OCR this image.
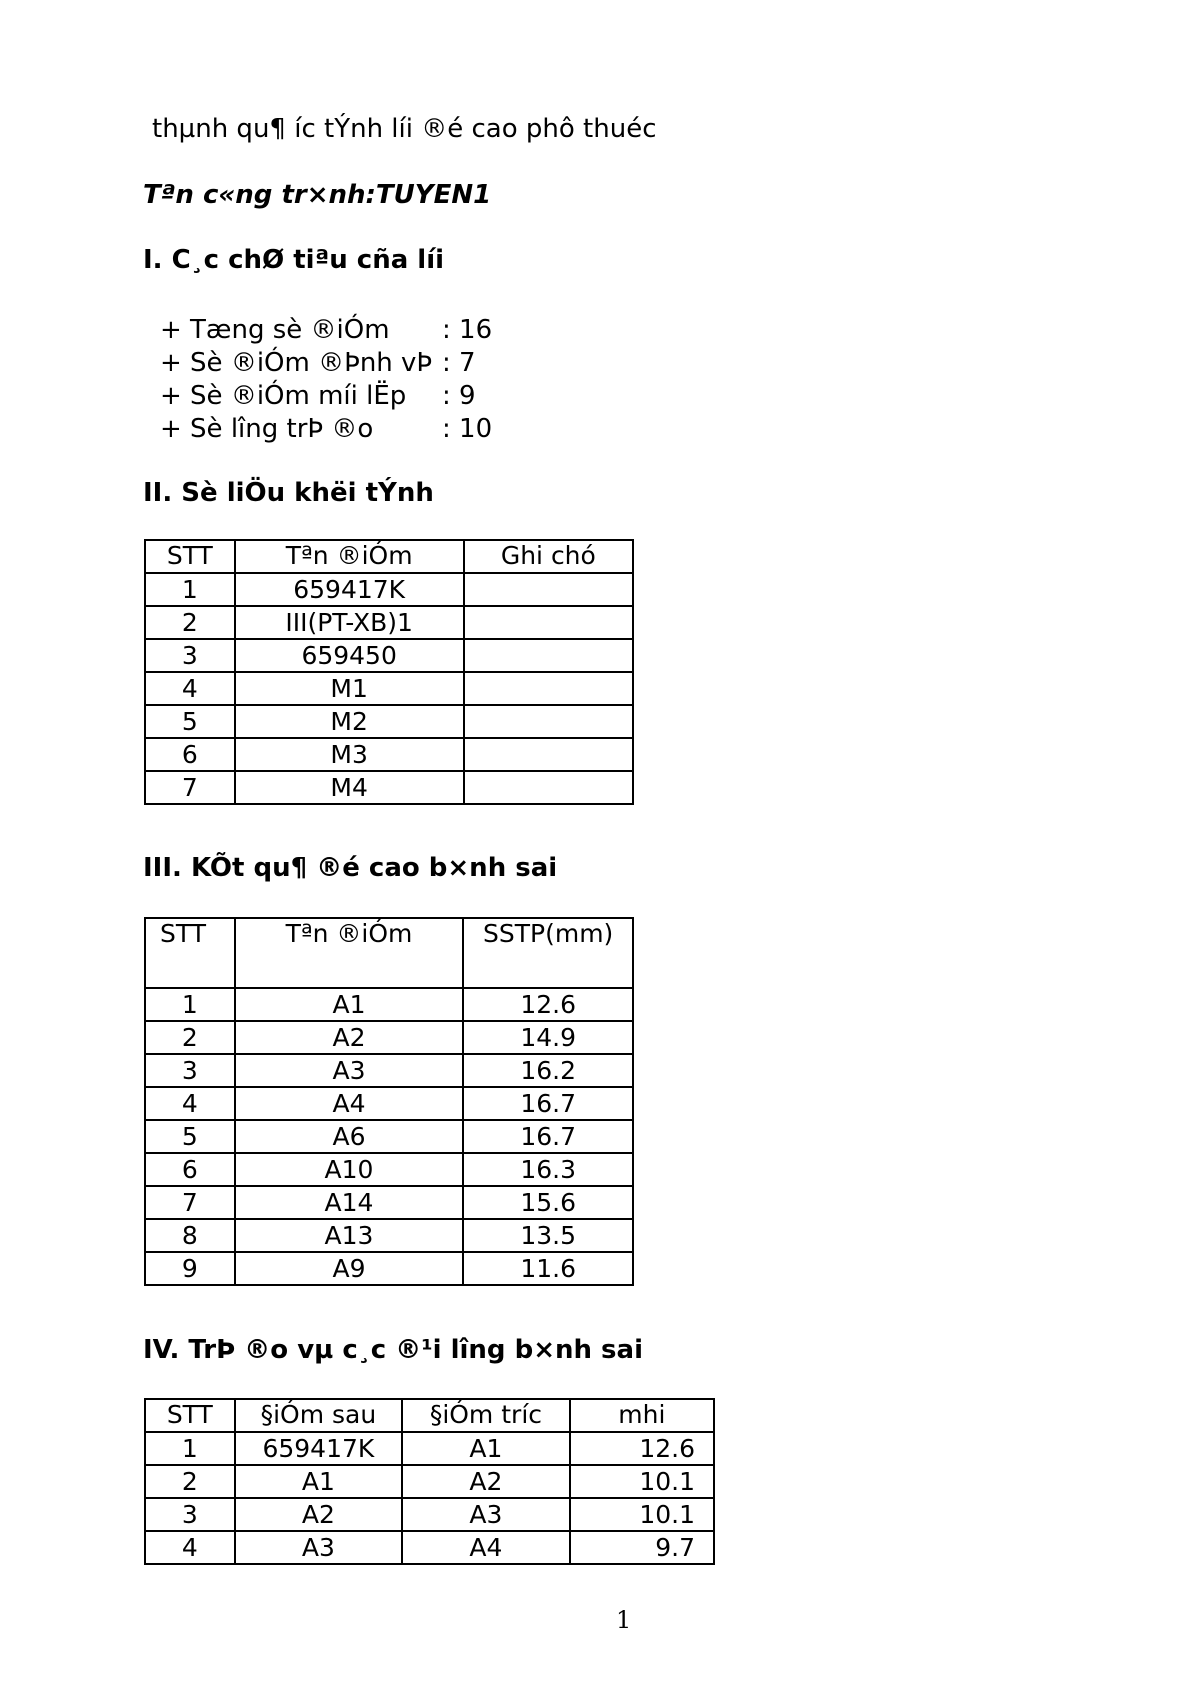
thµnh qu¶ íc tÝnh líi ®é cao phô thuéc
Tªn c«ng tr×nh:TUYEN1
I. C¸c chØ tiªu cña líi
+ Tæng sè ®iÓm	: 16
+ Sè ®iÓm ®Þnh vÞ : 7
+ Sè ®iÓm míi lËp	: 9
+ Sè lîng trÞ ®o	: 10
II. Sè liÖu khëi tÝnh
STT	Tªn ®iÓm	Ghi chó
1	659417K	
2	III(PT-XB)1	
3	659450	
4	M1	
5	M2	
6	M3	
7	M4	
III. KÕt qu¶ ®é cao b×nh sai
STT	Tªn ®iÓm	SSTP(mm)

1	A1	12.6
2	A2	14.9
3	A3	16.2
4	A4	16.7
5	A6	16.7
6	A10	16.3
7	A14	15.6
8	A13	13.5
9	A9	11.6
IV. TrÞ ®o vµ c¸c ®¹i lîng b×nh sai
STT	§iÓm sau	§iÓm tríc	mhi
1	659417K	A1	12.6
2	A1	A2	10.1
3	A2	A3	10.1
4	A3	A4	9.7
1
